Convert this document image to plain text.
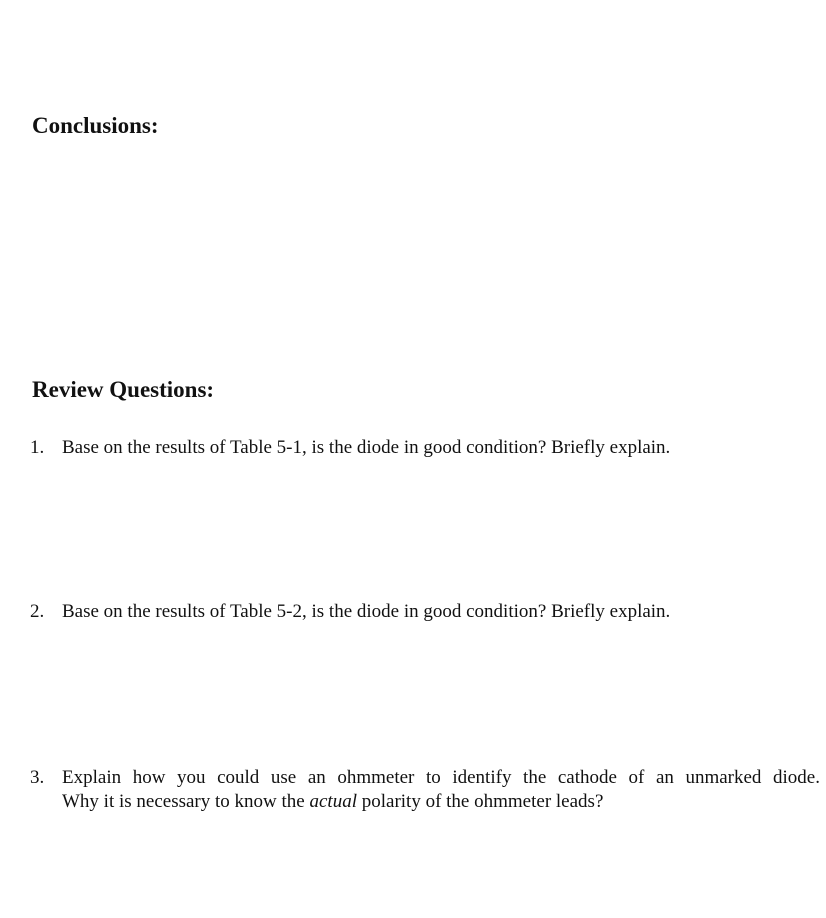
Conclusions:
Review Questions:
1. Base on the results of Table 5-1, is the diode in good condition? Briefly explain.
2. Base on the results of Table 5-2, is the diode in good condition? Briefly explain.
3. Explain how you could use an ohmmeter to identify the cathode of an unmarked diode.
Why it is necessary to know the actual polarity of the ohmmeter leads?
